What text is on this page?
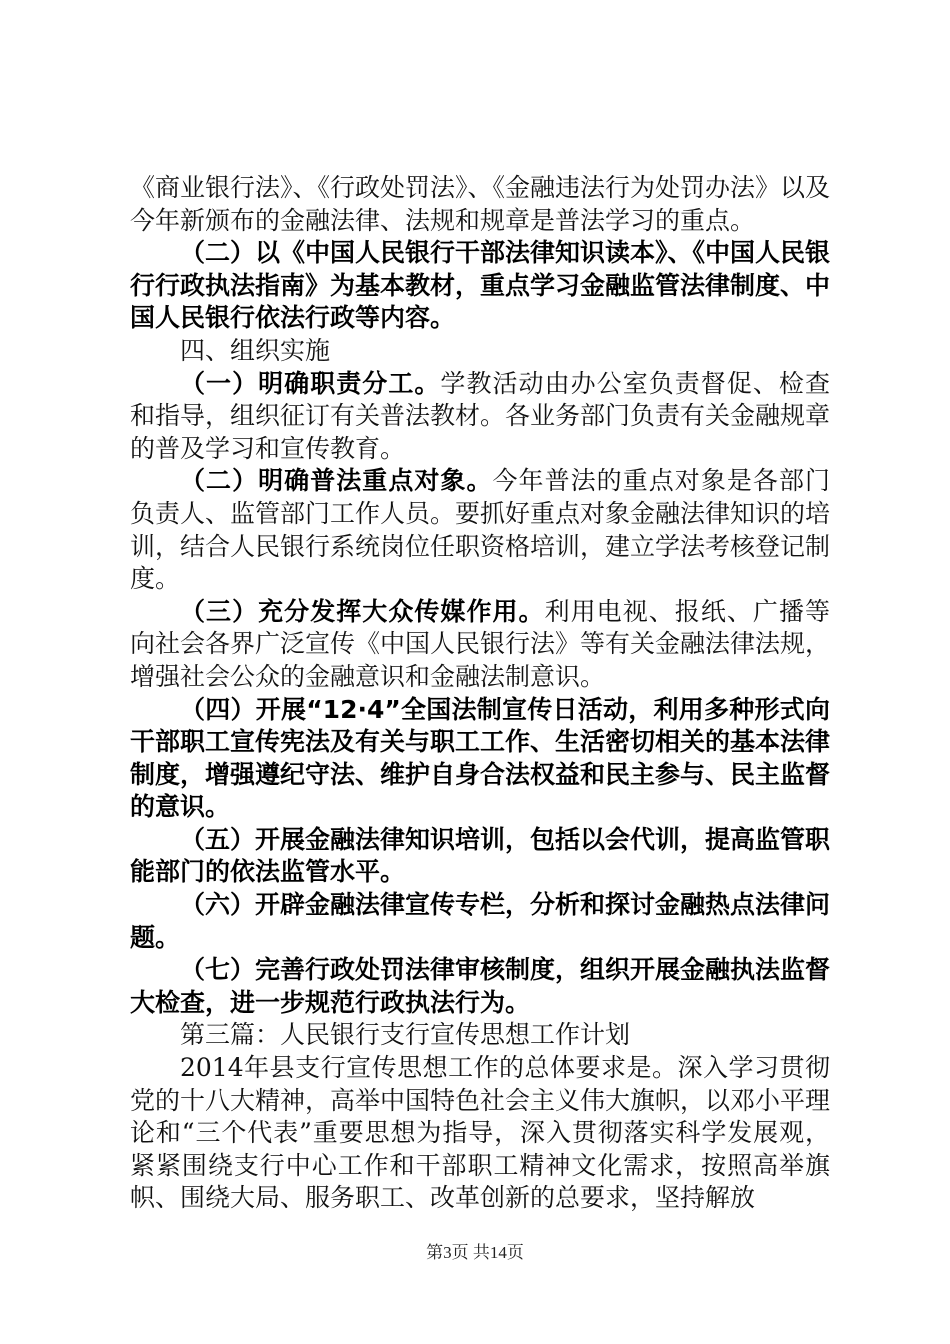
《商业银行法》、《行政处罚法》、《金融违法行为处罚办法》以及今年新颁布的金融法律、法规和规章是普法学习的重点。

（二）以《中国人民银行干部法律知识读本》、《中国人民银行行政执法指南》为基本教材，重点学习金融监管法律制度、中国人民银行依法行政等内容。

四、组织实施

（一）明确职责分工。学教活动由办公室负责督促、检查和指导，组织征订有关普法教材。各业务部门负责有关金融规章的普及学习和宣传教育。

（二）明确普法重点对象。今年普法的重点对象是各部门负责人、监管部门工作人员。要抓好重点对象金融法律知识的培训，结合人民银行系统岗位任职资格培训，建立学法考核登记制度。

（三）充分发挥大众传媒作用。利用电视、报纸、广播等向社会各界广泛宣传《中国人民银行法》等有关金融法律法规，增强社会公众的金融意识和金融法制意识。

（四）开展“12·4”全国法制宣传日活动，利用多种形式向干部职工宣传宪法及有关与职工工作、生活密切相关的基本法律制度，增强遵纪守法、维护自身合法权益和民主参与、民主监督的意识。

（五）开展金融法律知识培训，包括以会代训，提高监管职能部门的依法监管水平。

（六）开辟金融法律宣传专栏，分析和探讨金融热点法律问题。

（七）完善行政处罚法律审核制度，组织开展金融执法监督大检查，进一步规范行政执法行为。

第三篇：人民银行支行宣传思想工作计划

2014年县支行宣传思想工作的总体要求是。深入学习贯彻党的十八大精神，高举中国特色社会主义伟大旗帜，以邓小平理论和“三个代表”重要思想为指导，深入贯彻落实科学发展观，紧紧围绕支行中心工作和干部职工精神文化需求，按照高举旗帜、围绕大局、服务职工、改革创新的总要求，坚持解放

第3页 共14页
